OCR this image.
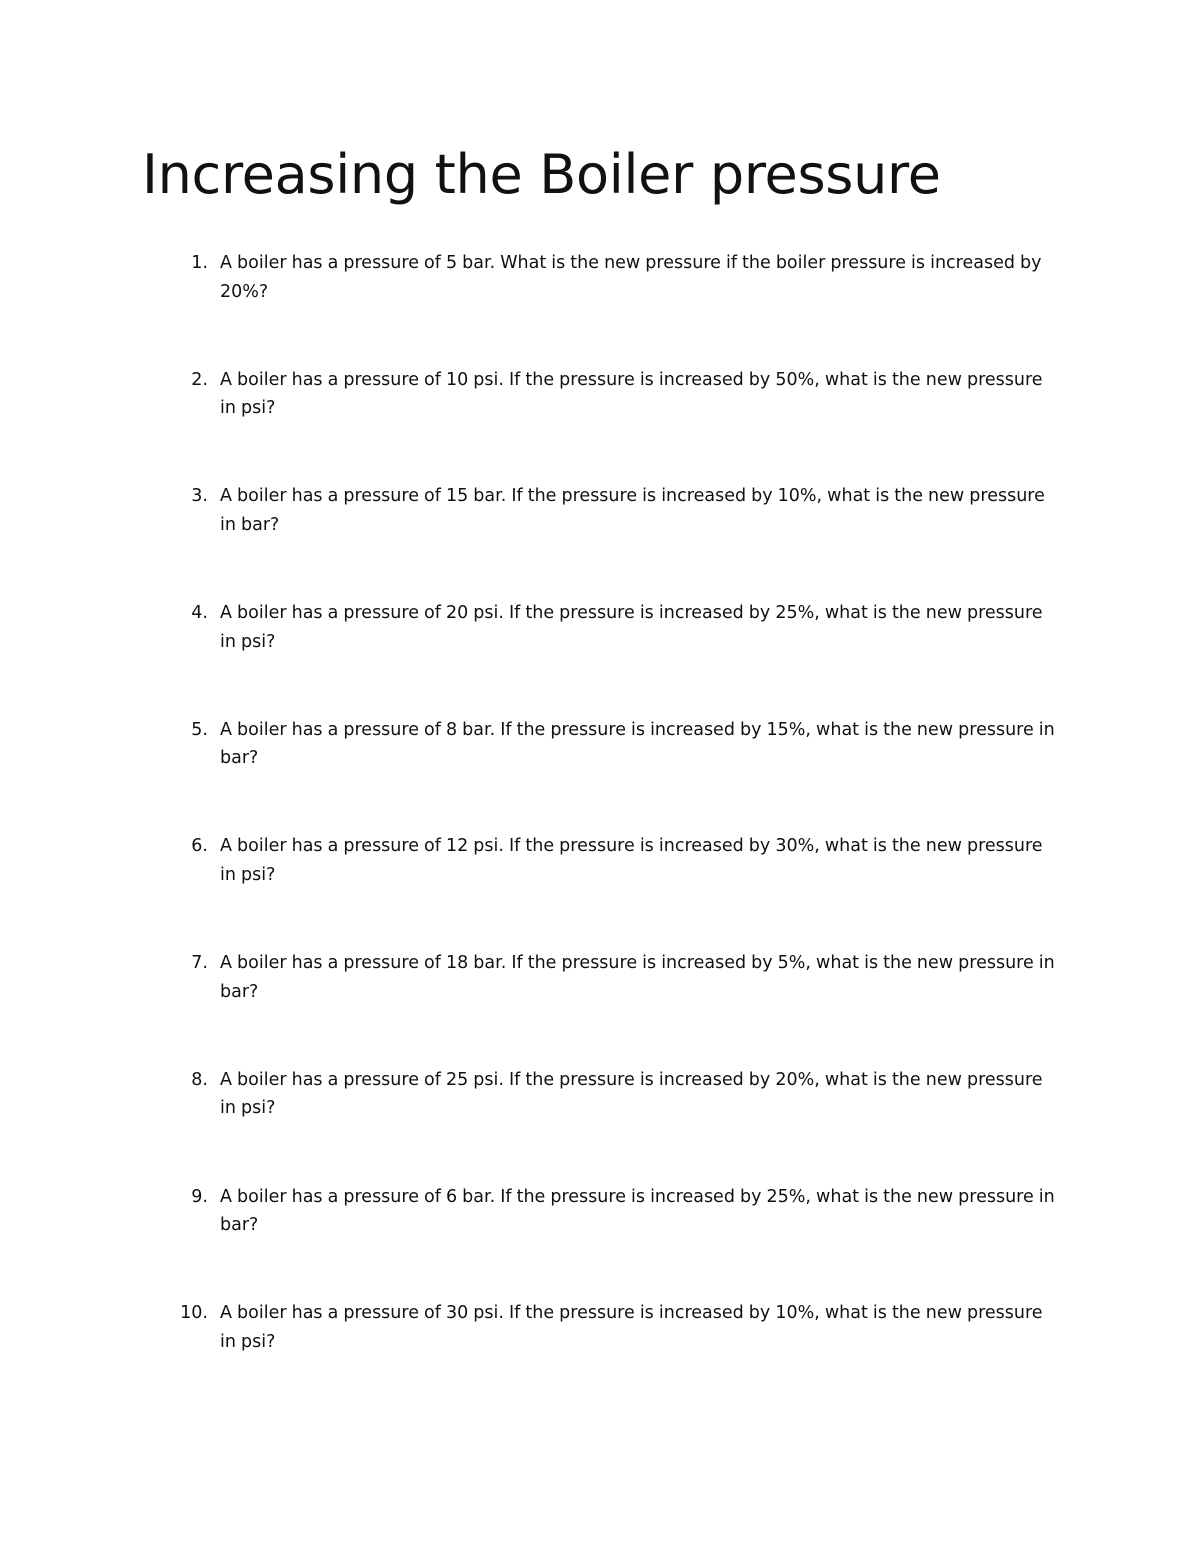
Increasing the Boiler pressure
1. A boiler has a pressure of 5 bar. What is the new pressure if the boiler pressure is increased by 20%?
2. A boiler has a pressure of 10 psi. If the pressure is increased by 50%, what is the new pressure in psi?
3. A boiler has a pressure of 15 bar. If the pressure is increased by 10%, what is the new pressure in bar?
4. A boiler has a pressure of 20 psi. If the pressure is increased by 25%, what is the new pressure in psi?
5. A boiler has a pressure of 8 bar. If the pressure is increased by 15%, what is the new pressure in bar?
6. A boiler has a pressure of 12 psi. If the pressure is increased by 30%, what is the new pressure in psi?
7. A boiler has a pressure of 18 bar. If the pressure is increased by 5%, what is the new pressure in bar?
8. A boiler has a pressure of 25 psi. If the pressure is increased by 20%, what is the new pressure in psi?
9. A boiler has a pressure of 6 bar. If the pressure is increased by 25%, what is the new pressure in bar?
10. A boiler has a pressure of 30 psi. If the pressure is increased by 10%, what is the new pressure in psi?
